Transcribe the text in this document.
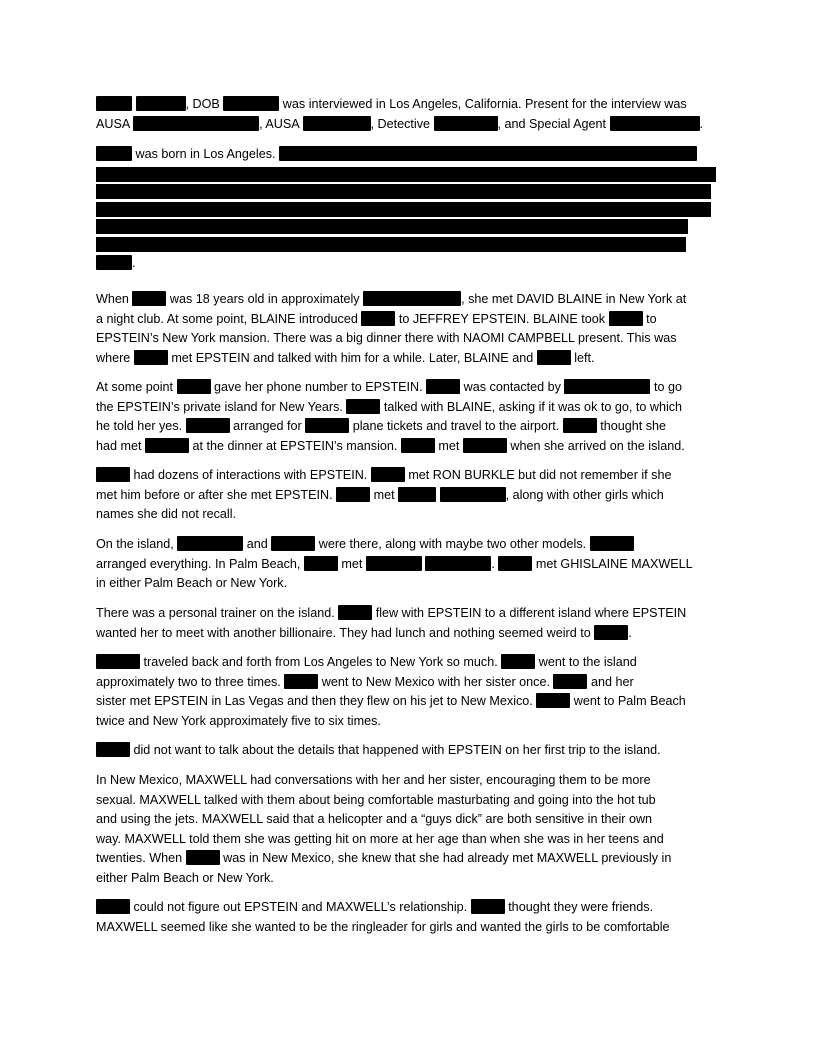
, DOB	was interviewed in Los Angeles, California. Present for the interview was
AUSA	, AUSA	, Detective	, and Special Agent	.
was born in Los Angeles.
.
When	was 18 years old in approximately	, she met DAVID BLAINE in New York at
a night club. At some point, BLAINE introduced	to JEFFREY EPSTEIN. BLAINE took	to
EPSTEIN’s New York mansion. There was a big dinner there with NAOMI CAMPBELL present. This was
where	met EPSTEIN and talked with him for a while. Later, BLAINE and	left.
At some point	gave her phone number to EPSTEIN.	was contacted by	to go
the EPSTEIN’s private island for New Years.	talked with BLAINE, asking if it was ok to go, to which
he told her yes.	arranged for	plane tickets and travel to the airport.	thought she
had met	at the dinner at EPSTEIN’s mansion.	met	when she arrived on the island.
had dozens of interactions with EPSTEIN.	met RON BURKLE but did not remember if she
met him before or after she met EPSTEIN.	met	, along with other girls which
names she did not recall.
On the island,	and	were there, along with maybe two other models.
arranged everything. In Palm Beach,	met	.	met GHISLAINE MAXWELL
in either Palm Beach or New York.
There was a personal trainer on the island.	flew with EPSTEIN to a different island where EPSTEIN
wanted her to meet with another billionaire. They had lunch and nothing seemed weird to	.
traveled back and forth from Los Angeles to New York so much.	went to the island
approximately two to three times.	went to New Mexico with her sister once.	and her
sister met EPSTEIN in Las Vegas and then they flew on his jet to New Mexico.	went to Palm Beach
twice and New York approximately five to six times.
did not want to talk about the details that happened with EPSTEIN on her first trip to the island.
In New Mexico, MAXWELL had conversations with her and her sister, encouraging them to be more
sexual. MAXWELL talked with them about being comfortable masturbating and going into the hot tub
and using the jets. MAXWELL said that a helicopter and a “guys dick” are both sensitive in their own
way. MAXWELL told them she was getting hit on more at her age than when she was in her teens and
twenties. When	was in New Mexico, she knew that she had already met MAXWELL previously in
either Palm Beach or New York.
could not figure out EPSTEIN and MAXWELL’s relationship.	thought they were friends.
MAXWELL seemed like she wanted to be the ringleader for girls and wanted the girls to be comfortable
